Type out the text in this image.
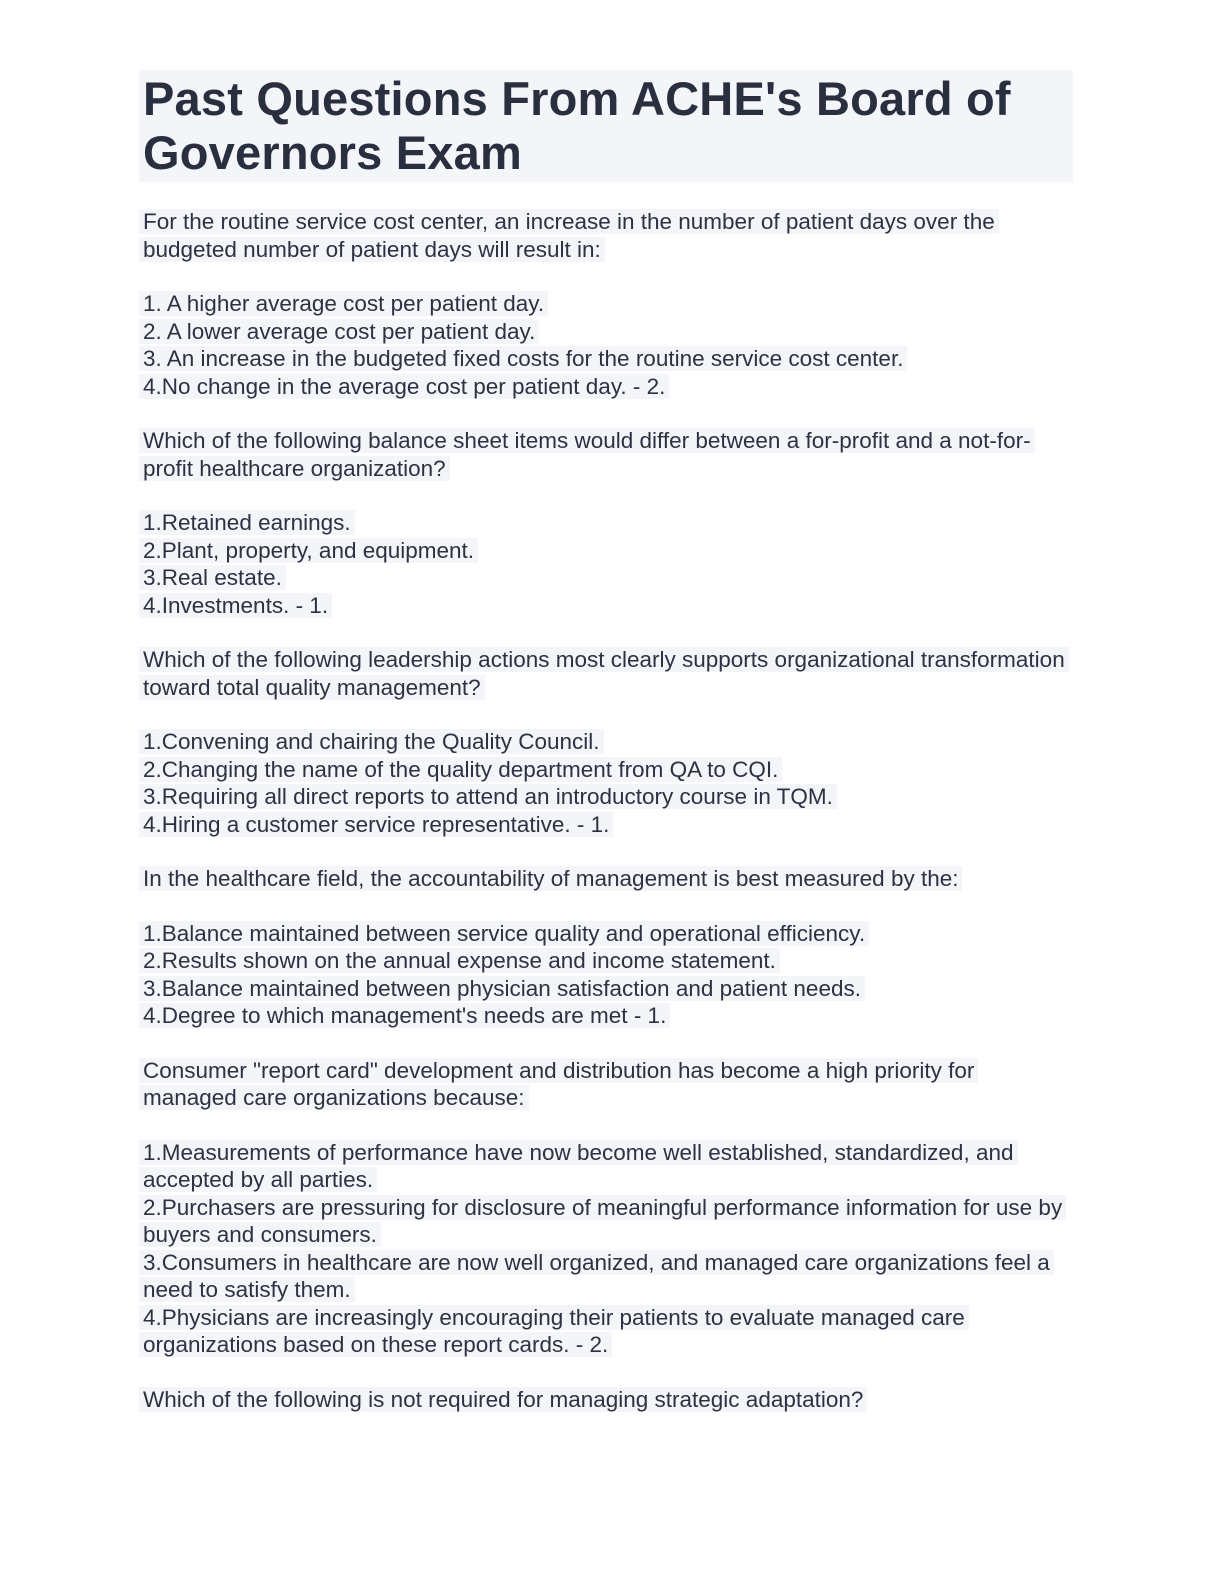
Past Questions From ACHE's Board of Governors Exam
For the routine service cost center, an increase in the number of patient days over the budgeted number of patient days will result in:
1. A higher average cost per patient day.
2. A lower average cost per patient day.
3. An increase in the budgeted fixed costs for the routine service cost center.
4.No change in the average cost per patient day. - 2.
Which of the following balance sheet items would differ between a for-profit and a not-for-profit healthcare organization?
1.Retained earnings.
2.Plant, property, and equipment.
3.Real estate.
4.Investments. - 1.
Which of the following leadership actions most clearly supports organizational transformation toward total quality management?
1.Convening and chairing the Quality Council.
2.Changing the name of the quality department from QA to CQI.
3.Requiring all direct reports to attend an introductory course in TQM.
4.Hiring a customer service representative. - 1.
In the healthcare field, the accountability of management is best measured by the:
1.Balance maintained between service quality and operational efficiency.
2.Results shown on the annual expense and income statement.
3.Balance maintained between physician satisfaction and patient needs.
4.Degree to which management's needs are met - 1.
Consumer "report card" development and distribution has become a high priority for managed care organizations because:
1.Measurements of performance have now become well established, standardized, and accepted by all parties.
2.Purchasers are pressuring for disclosure of meaningful performance information for use by buyers and consumers.
3.Consumers in healthcare are now well organized, and managed care organizations feel a need to satisfy them.
4.Physicians are increasingly encouraging their patients to evaluate managed care organizations based on these report cards. - 2.
Which of the following is not required for managing strategic adaptation?
